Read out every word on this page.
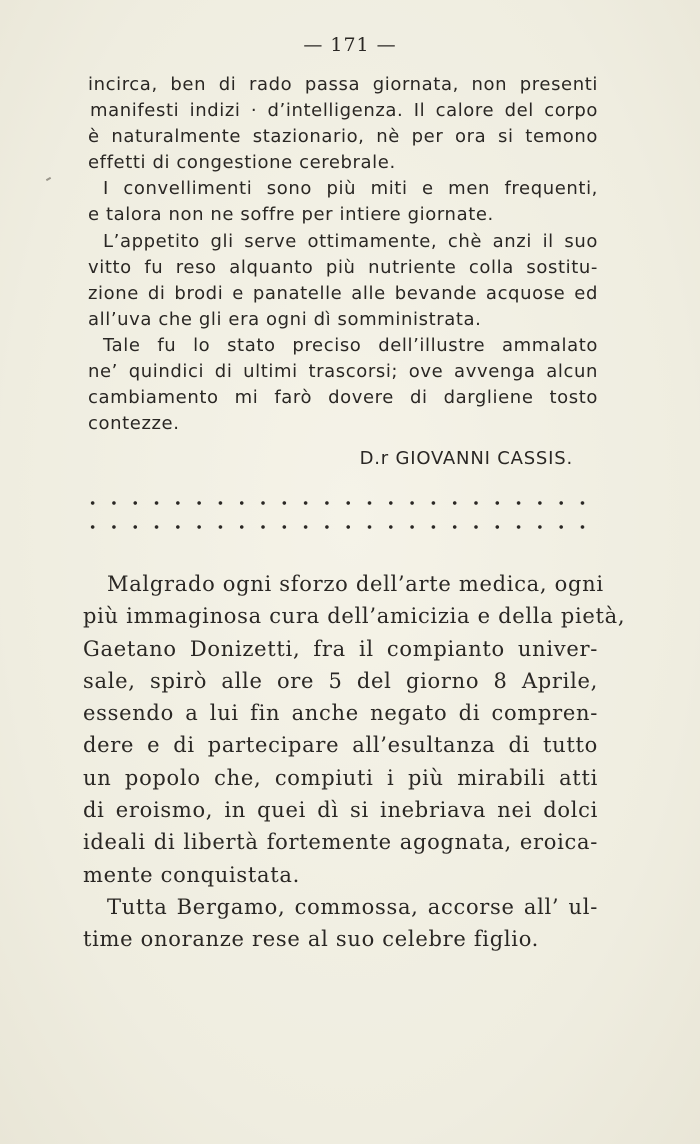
— 171 —
incirca, ben di rado passa giornata, non presenti
manifesti indizi · d’intelligenza. Il calore del corpo
è naturalmente stazionario, nè per ora si temono
effetti di congestione cerebrale.
I convellimenti sono più miti e men frequenti,
e talora non ne soffre per intiere giornate.
L’appetito gli serve ottimamente, chè anzi il suo
vitto fu reso alquanto più nutriente colla sostitu-
zione di brodi e panatelle alle bevande acquose ed
all’uva che gli era ogni dì somministrata.
Tale fu lo stato preciso dell’illustre ammalato
ne’ quindici di ultimi trascorsi; ove avvenga alcun
cambiamento mi farò dovere di dargliene tosto
contezze.
D.r GIOVANNI CASSIS.
Malgrado ogni sforzo dell’arte medica, ogni
più immaginosa cura dell’amicizia e della pietà,
Gaetano Donizetti, fra il compianto univer-
sale, spirò alle ore 5 del giorno 8 Aprile,
essendo a lui fin anche negato di compren-
dere e di partecipare all’esultanza di tutto
un popolo che, compiuti i più mirabili atti
di eroismo, in quei dì si inebriava nei dolci
ideali di libertà fortemente agognata, eroica-
mente conquistata.
Tutta Bergamo, commossa, accorse all’ ul-
time onoranze rese al suo celebre figlio.
